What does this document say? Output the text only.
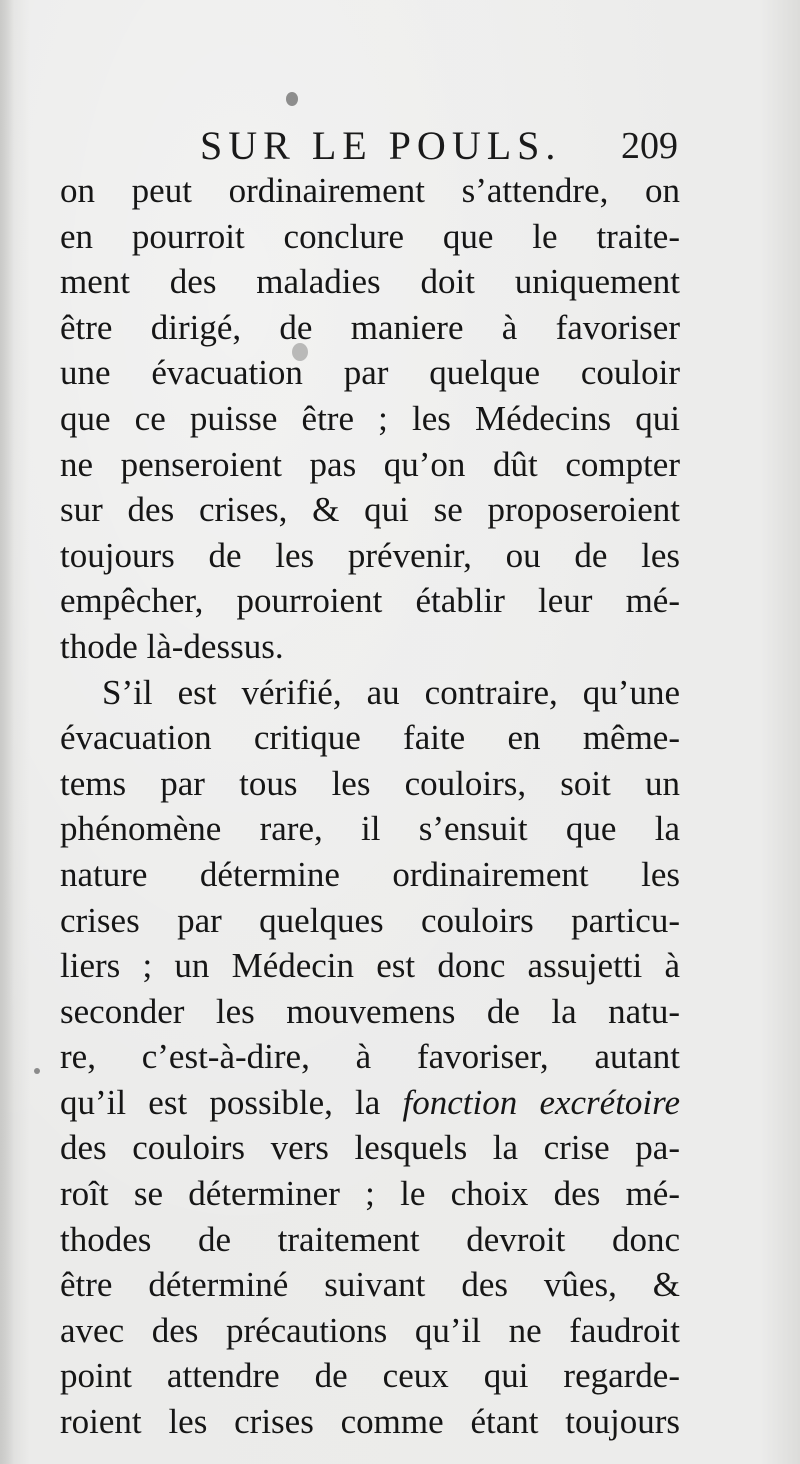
SUR LE POULS. 209
on peut ordinairement s’attendre, on
en pourroit conclure que le traite-
ment des maladies doit uniquement
être dirigé, de maniere à favoriser
une évacuation par quelque couloir
que ce puisse être ; les Médecins qui
ne penseroient pas qu’on dût compter
sur des crises, & qui se proposeroient
toujours de les prévenir, ou de les
empêcher, pourroient établir leur mé-
thode là-dessus.
S’il est vérifié, au contraire, qu’une
évacuation critique faite en même-
tems par tous les couloirs, soit un
phénomène rare, il s’ensuit que la
nature détermine ordinairement les
crises par quelques couloirs particu-
liers ; un Médecin est donc assujetti à
seconder les mouvemens de la natu-
re, c’est-à-dire, à favoriser, autant
qu’il est possible, la fonction excrétoire
des couloirs vers lesquels la crise pa-
roît se déterminer ; le choix des mé-
thodes de traitement devroit donc
être déterminé suivant des vûes, &
avec des précautions qu’il ne faudroit
point attendre de ceux qui regarde-
roient les crises comme étant toujours
